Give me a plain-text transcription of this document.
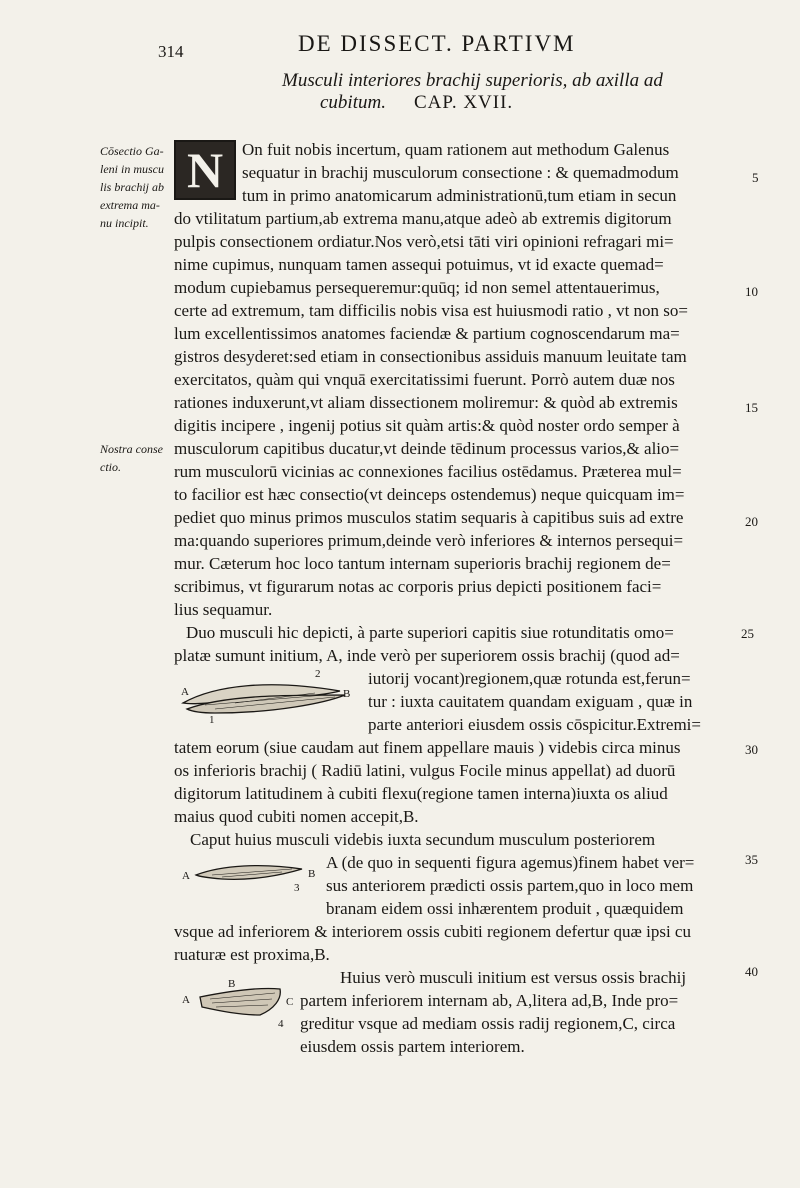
314	DE DISSECT. PARTIVM
Musculi interiores brachij superioris, ab axilla ad
cubitum. CAP. XVII.
Cōsectio Ga-
leni in muscu
lis brachij ab
extrema ma-
nu incipit.
Nostra conse
ctio.
5
10
15
20
25
30
35
40
N	On fuit nobis incertum, quam rationem aut methodum Galenus
sequatur in brachij musculorum consectione : & quemadmodum
tum in primo anatomicarum administrationū,tum etiam in secun
do vtilitatum partium,ab extrema manu,atque adeò ab extremis digitorum
pulpis consectionem ordiatur.Nos verò,etsi tāti viri opinioni refragari mi=
nime cupimus, nunquam tamen assequi potuimus, vt id exacte quemad=
modum cupiebamus persequeremur:quūq; id non semel attentauerimus,
certe ad extremum, tam difficilis nobis visa est huiusmodi ratio , vt non so=
lum excellentissimos anatomes faciendæ & partium cognoscendarum ma=
gistros desyderet:sed etiam in consectionibus assiduis manuum leuitate tam
exercitatos, quàm qui vnquā exercitatissimi fuerunt. Porrò autem duæ nos
rationes induxerunt,vt aliam dissectionem moliremur: & quòd ab extremis
digitis incipere , ingenij potius sit quàm artis:& quòd noster ordo semper à
musculorum capitibus ducatur,vt deinde tēdinum processus varios,& alio=
rum musculorū vicinias ac connexiones facilius ostēdamus. Præterea mul=
to facilior est hæc consectio(vt deinceps ostendemus) neque quicquam im=
pediet quo minus primos musculos statim sequaris à capitibus suis ad extre
ma:quando superiores primum,deinde verò inferiores & internos persequi=
mur. Cæterum hoc loco tantum internam superioris brachij regionem de=
scribimus, vt figurarum notas ac corporis prius depicti positionem faci=
lius sequamur.
Duo musculi hic depicti, à parte superiori capitis siue rotunditatis omo=
platæ sumunt initium, A, inde verò per superiorem ossis brachij (quod ad=
iutorij vocant)regionem,quæ rotunda est,ferun=
tur : iuxta cauitatem quandam exiguam , quæ in
parte anteriori eiusdem ossis cōspicitur.Extremi=
tatem eorum (siue caudam aut finem appellare mauis ) videbis circa minus
os inferioris brachij ( Radiū latini, vulgus Focile minus appellat) ad duorū
digitorum latitudinem à cubiti flexu(regione tamen interna)iuxta os aliud
maius quod cubiti nomen accepit,B.
Caput huius musculi videbis iuxta secundum musculum posteriorem
A (de quo in sequenti figura agemus)finem habet ver=
sus anteriorem prædicti ossis partem,quo in loco mem
branam eidem ossi inhærentem produit , quæquidem
vsque ad inferiorem & interiorem ossis cubiti regionem defertur quæ ipsi cu
ruaturæ est proxima,B.
Huius verò musculi initium est versus ossis brachij
partem inferiorem internam ab, A,litera ad,B, Inde pro=
greditur vsque ad mediam ossis radij regionem,C, circa
eiusdem ossis partem interiorem.
A	B
1
2
A
3
B
A
B
C
4
